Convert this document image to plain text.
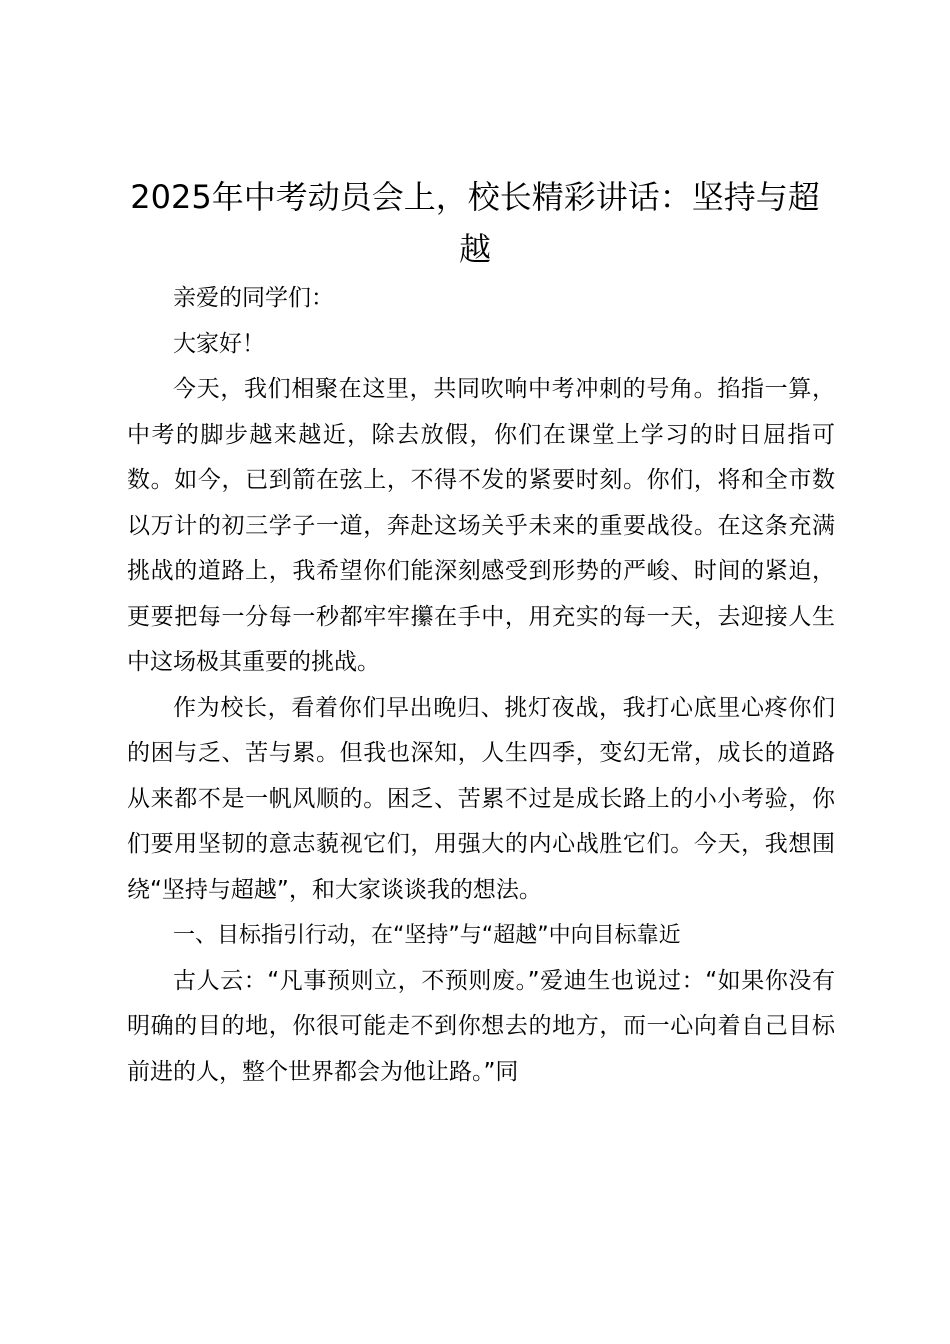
2025年中考动员会上，校长精彩讲话：坚持与超越

亲爱的同学们：

大家好！

今天，我们相聚在这里，共同吹响中考冲刺的号角。掐指一算，中考的脚步越来越近，除去放假，你们在课堂上学习的时日屈指可数。如今，已到箭在弦上，不得不发的紧要时刻。你们，将和全市数以万计的初三学子一道，奔赴这场关乎未来的重要战役。在这条充满挑战的道路上，我希望你们能深刻感受到形势的严峻、时间的紧迫，更要把每一分每一秒都牢牢攥在手中，用充实的每一天，去迎接人生中这场极其重要的挑战。

作为校长，看着你们早出晚归、挑灯夜战，我打心底里心疼你们的困与乏、苦与累。但我也深知，人生四季，变幻无常，成长的道路从来都不是一帆风顺的。困乏、苦累不过是成长路上的小小考验，你们要用坚韧的意志藐视它们，用强大的内心战胜它们。今天，我想围绕“坚持与超越”，和大家谈谈我的想法。

一、目标指引行动，在“坚持”与“超越”中向目标靠近

古人云：“凡事预则立，不预则废。”爱迪生也说过：“如果你没有明确的目的地，你很可能走不到你想去的地方，而一心向着自己目标前进的人，整个世界都会为他让路。”同
